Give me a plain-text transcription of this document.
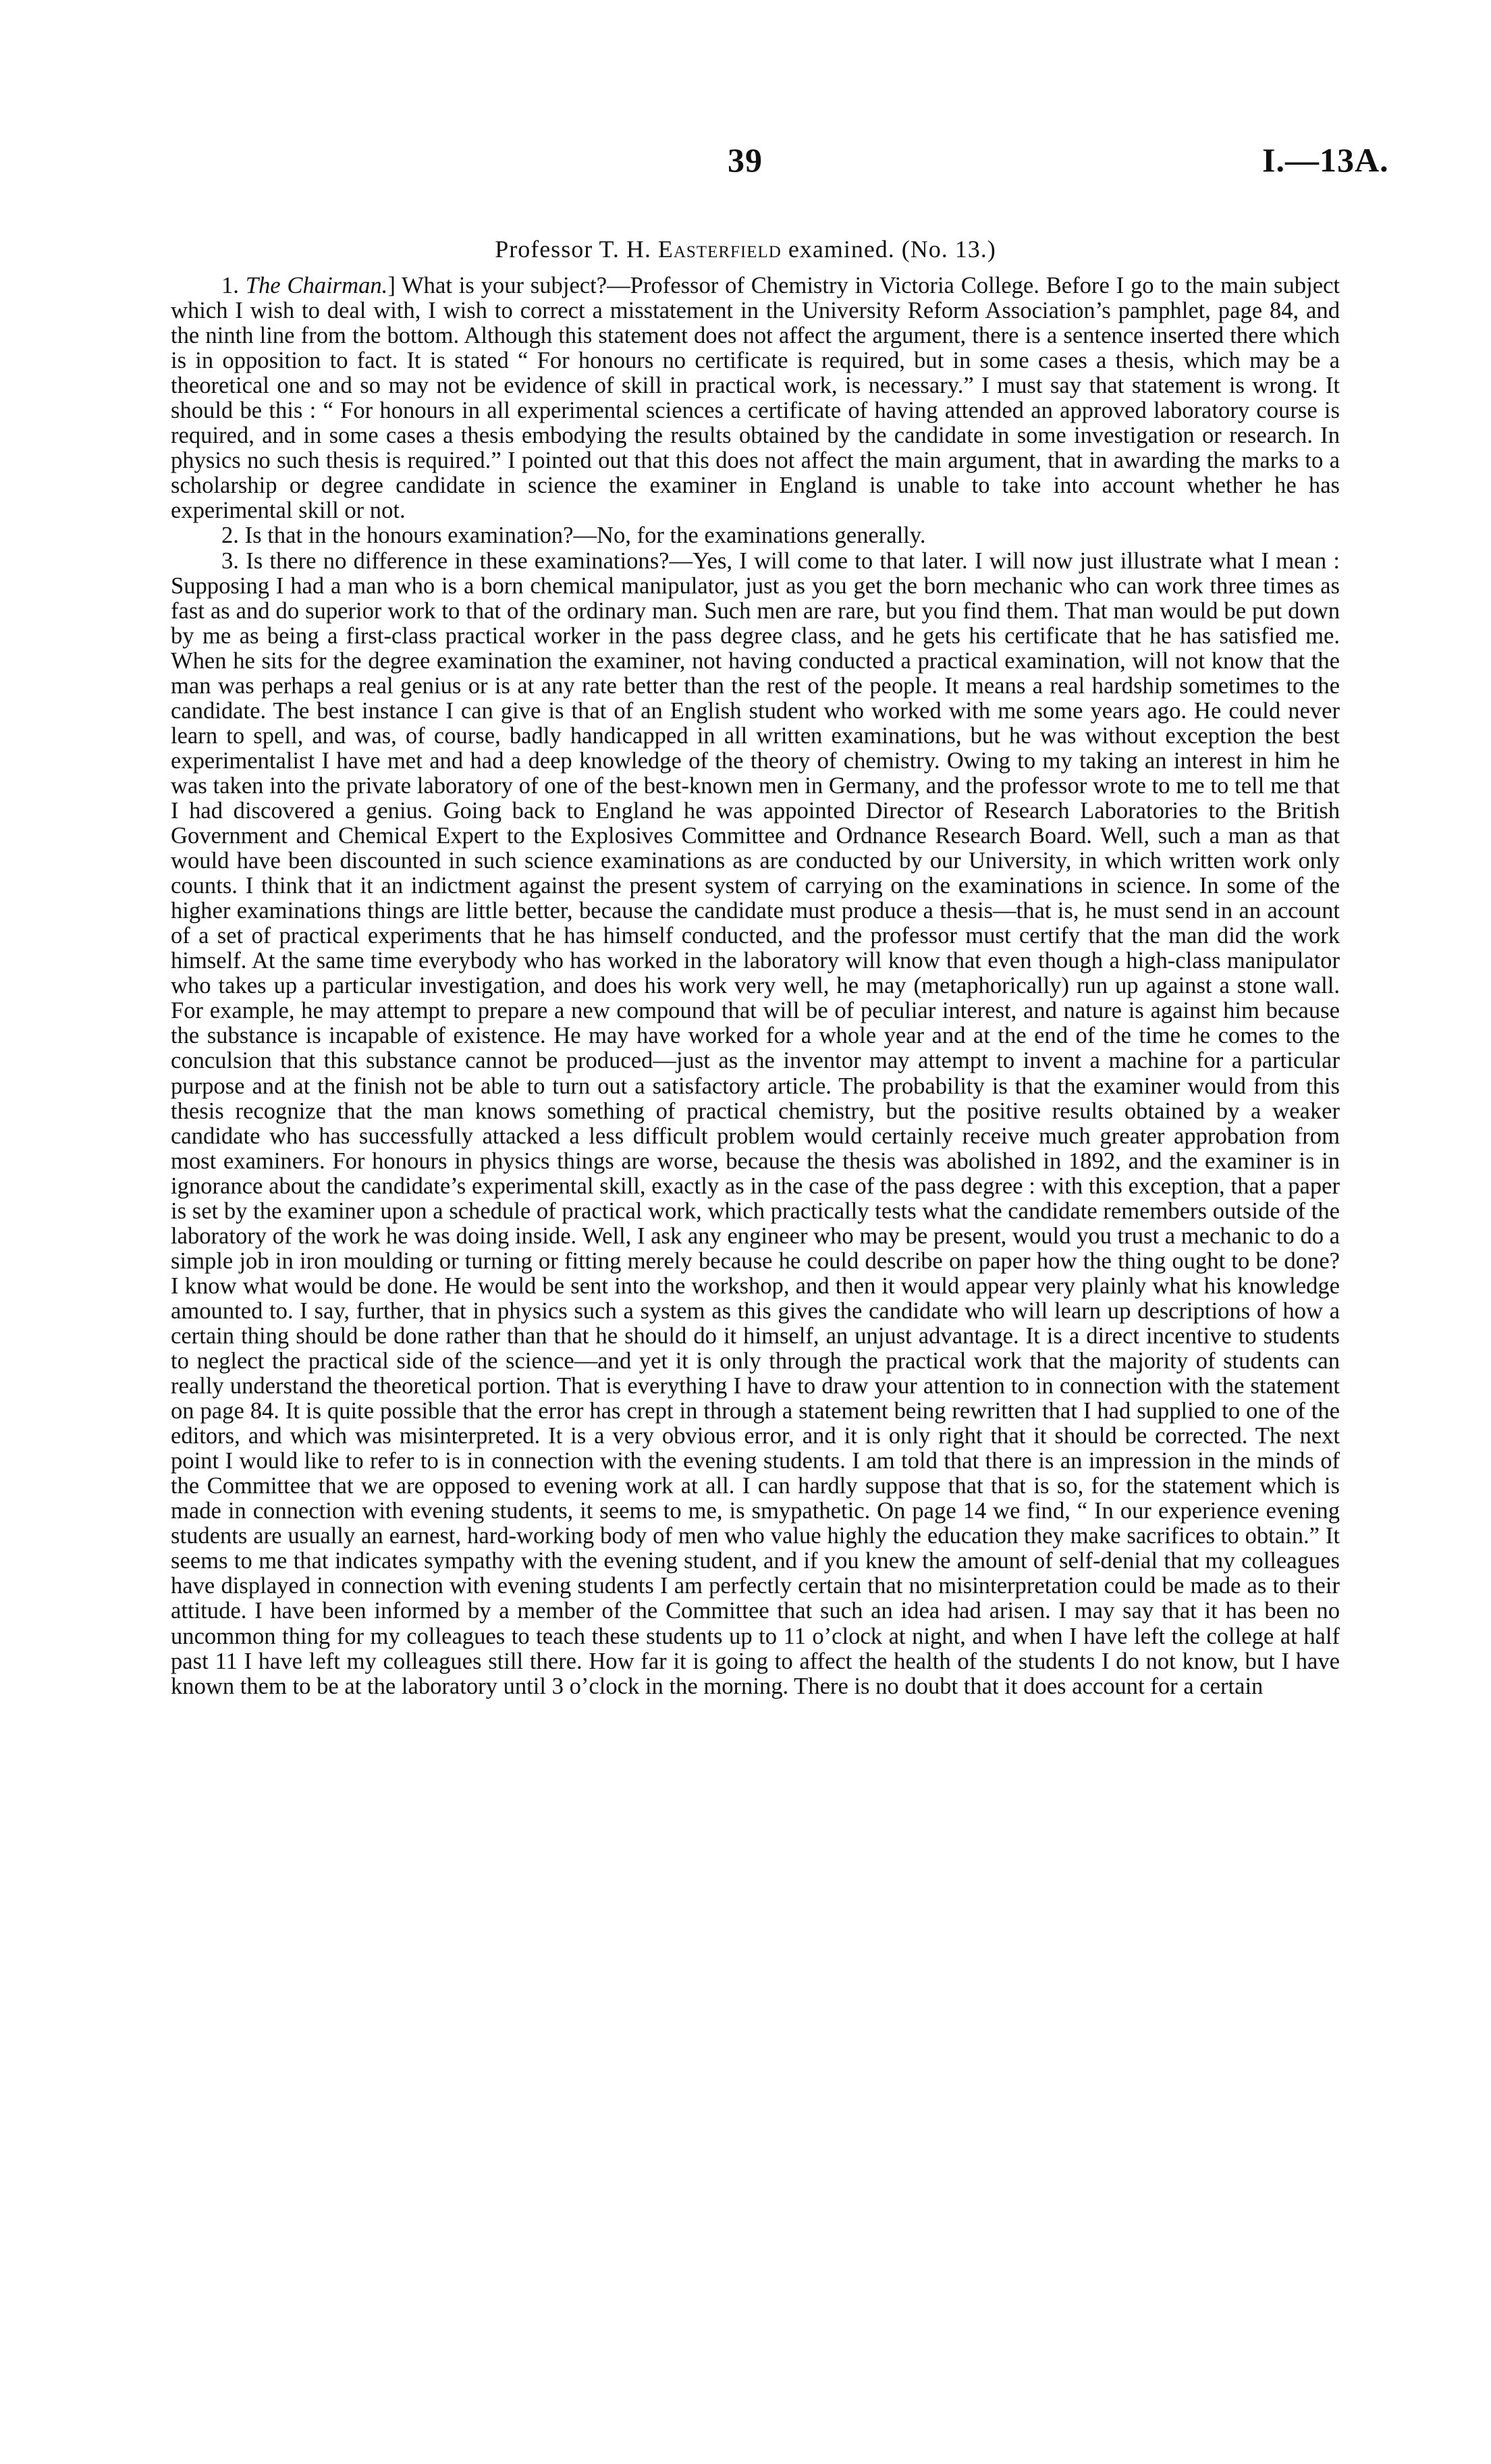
39	I.—13A.
Professor T. H. Easterfield examined. (No. 13.)

1. The Chairman.] What is your subject?—Professor of Chemistry in Victoria College. Before I go to the main subject which I wish to deal with, I wish to correct a misstatement in the University Reform Association’s pamphlet, page 84, and the ninth line from the bottom. Although this statement does not affect the argument, there is a sentence inserted there which is in opposition to fact. It is stated “ For honours no certificate is required, but in some cases a thesis, which may be a theoretical one and so may not be evidence of skill in practical work, is necessary.” I must say that statement is wrong. It should be this : “ For honours in all experimental sciences a certificate of having attended an approved laboratory course is required, and in some cases a thesis embodying the results obtained by the candidate in some investigation or research. In physics no such thesis is required.” I pointed out that this does not affect the main argument, that in awarding the marks to a scholarship or degree candidate in science the examiner in England is unable to take into account whether he has experimental skill or not.

2. Is that in the honours examination?—No, for the examinations generally.

3. Is there no difference in these examinations?—Yes, I will come to that later. I will now just illustrate what I mean : Supposing I had a man who is a born chemical manipulator, just as you get the born mechanic who can work three times as fast as and do superior work to that of the ordinary man. Such men are rare, but you find them. That man would be put down by me as being a first-class practical worker in the pass degree class, and he gets his certificate that he has satisfied me. When he sits for the degree examination the examiner, not having conducted a practical examination, will not know that the man was perhaps a real genius or is at any rate better than the rest of the people. It means a real hardship sometimes to the candidate. The best instance I can give is that of an English student who worked with me some years ago. He could never learn to spell, and was, of course, badly handicapped in all written examinations, but he was without exception the best experimentalist I have met and had a deep knowledge of the theory of chemistry. Owing to my taking an interest in him he was taken into the private laboratory of one of the best-known men in Germany, and the professor wrote to me to tell me that I had discovered a genius. Going back to England he was appointed Director of Research Laboratories to the British Government and Chemical Expert to the Explosives Committee and Ordnance Research Board. Well, such a man as that would have been discounted in such science examinations as are conducted by our University, in which written work only counts. I think that it an indictment against the present system of carrying on the examinations in science. In some of the higher examinations things are little better, because the candidate must produce a thesis—that is, he must send in an account of a set of practical experiments that he has himself conducted, and the professor must certify that the man did the work himself. At the same time everybody who has worked in the laboratory will know that even though a high-class manipulator who takes up a particular investigation, and does his work very well, he may (metaphorically) run up against a stone wall. For example, he may attempt to prepare a new compound that will be of peculiar interest, and nature is against him because the substance is incapable of existence. He may have worked for a whole year and at the end of the time he comes to the conculsion that this substance cannot be produced—just as the inventor may attempt to invent a machine for a particular purpose and at the finish not be able to turn out a satisfactory article. The probability is that the examiner would from this thesis recognize that the man knows something of practical chemistry, but the positive results obtained by a weaker candidate who has successfully attacked a less difficult problem would certainly receive much greater approbation from most examiners. For honours in physics things are worse, because the thesis was abolished in 1892, and the examiner is in ignorance about the candidate’s experimental skill, exactly as in the case of the pass degree : with this exception, that a paper is set by the examiner upon a schedule of practical work, which practically tests what the candidate remembers outside of the laboratory of the work he was doing inside. Well, I ask any engineer who may be present, would you trust a mechanic to do a simple job in iron moulding or turning or fitting merely because he could describe on paper how the thing ought to be done? I know what would be done. He would be sent into the workshop, and then it would appear very plainly what his knowledge amounted to. I say, further, that in physics such a system as this gives the candidate who will learn up descriptions of how a certain thing should be done rather than that he should do it himself, an unjust advantage. It is a direct incentive to students to neglect the practical side of the science—and yet it is only through the practical work that the majority of students can really understand the theoretical portion. That is everything I have to draw your attention to in connection with the statement on page 84. It is quite possible that the error has crept in through a statement being rewritten that I had supplied to one of the editors, and which was misinterpreted. It is a very obvious error, and it is only right that it should be corrected. The next point I would like to refer to is in connection with the evening students. I am told that there is an impression in the minds of the Committee that we are opposed to evening work at all. I can hardly suppose that that is so, for the statement which is made in connection with evening students, it seems to me, is smypathetic. On page 14 we find, “ In our experience evening students are usually an earnest, hard-working body of men who value highly the education they make sacrifices to obtain.” It seems to me that indicates sympathy with the evening student, and if you knew the amount of self-denial that my colleagues have displayed in connection with evening students I am perfectly certain that no misinterpretation could be made as to their attitude. I have been informed by a member of the Committee that such an idea had arisen. I may say that it has been no uncommon thing for my colleagues to teach these students up to 11 o’clock at night, and when I have left the college at half past 11 I have left my colleagues still there. How far it is going to affect the health of the students I do not know, but I have known them to be at the laboratory until 3 o’clock in the morning. There is no doubt that it does account for a certain
